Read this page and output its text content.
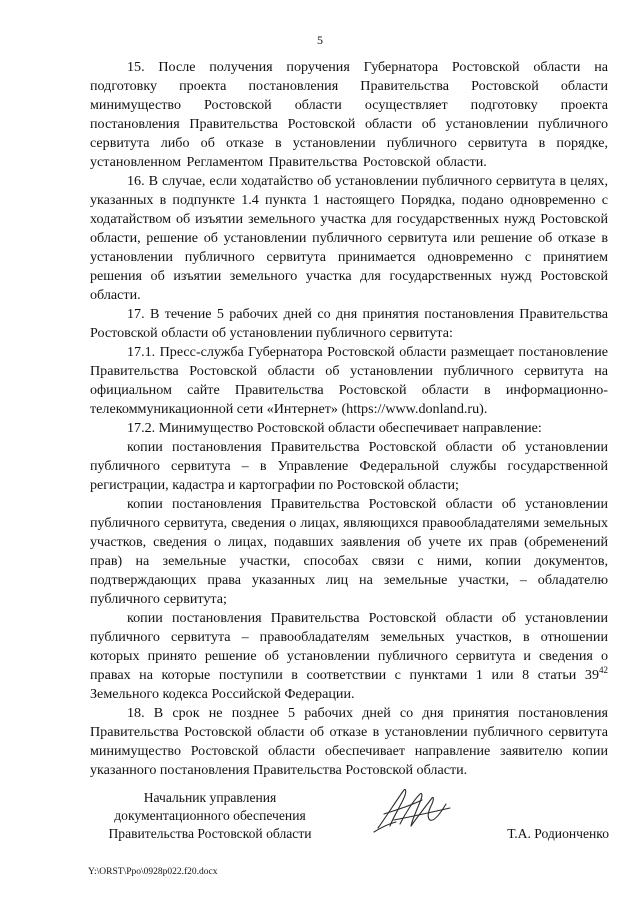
5

15. После получения поручения Губернатора Ростовской области на подготовку проекта постановления Правительства Ростовской области минимущество Ростовской области осуществляет подготовку проекта постановления Правительства Ростовской области об установлении публичного сервитута либо об отказе в установлении публичного сервитута в порядке, установленном Регламентом Правительства Ростовской области.

16. В случае, если ходатайство об установлении публичного сервитута в целях, указанных в подпункте 1.4 пункта 1 настоящего Порядка, подано одновременно с ходатайством об изъятии земельного участка для государственных нужд Ростовской области, решение об установлении публичного сервитута или решение об отказе в установлении публичного сервитута принимается одновременно с принятием решения об изъятии земельного участка для государственных нужд Ростовской области.

17. В течение 5 рабочих дней со дня принятия постановления Правительства Ростовской области об установлении публичного сервитута:

17.1. Пресс-служба Губернатора Ростовской области размещает постановление Правительства Ростовской области об установлении публичного сервитута на официальном сайте Правительства Ростовской области в информационно-телекоммуникационной сети «Интернет» (https://www.donland.ru).

17.2. Минимущество Ростовской области обеспечивает направление:

копии постановления Правительства Ростовской области об установлении публичного сервитута – в Управление Федеральной службы государственной регистрации, кадастра и картографии по Ростовской области;

копии постановления Правительства Ростовской области об установлении публичного сервитута, сведения о лицах, являющихся правообладателями земельных участков, сведения о лицах, подавших заявления об учете их прав (обременений прав) на земельные участки, способах связи с ними, копии документов, подтверждающих права указанных лиц на земельные участки, – обладателю публичного сервитута;

копии постановления Правительства Ростовской области об установлении публичного сервитута – правообладателям земельных участков, в отношении которых принято решение об установлении публичного сервитута и сведения о правах на которые поступили в соответствии с пунктами 1 или 8 статьи $39^{42}$ Земельного кодекса Российской Федерации.

18. В срок не позднее 5 рабочих дней со дня принятия постановления Правительства Ростовской области об отказе в установлении публичного сервитута минимущество Ростовской области обеспечивает направление заявителю копии указанного постановления Правительства Ростовской области.

Начальник управления
документационного обеспечения
Правительства Ростовской области	Т.А. Родионченко
Y:\ORST\Ppo\0928p022.f20.docx
